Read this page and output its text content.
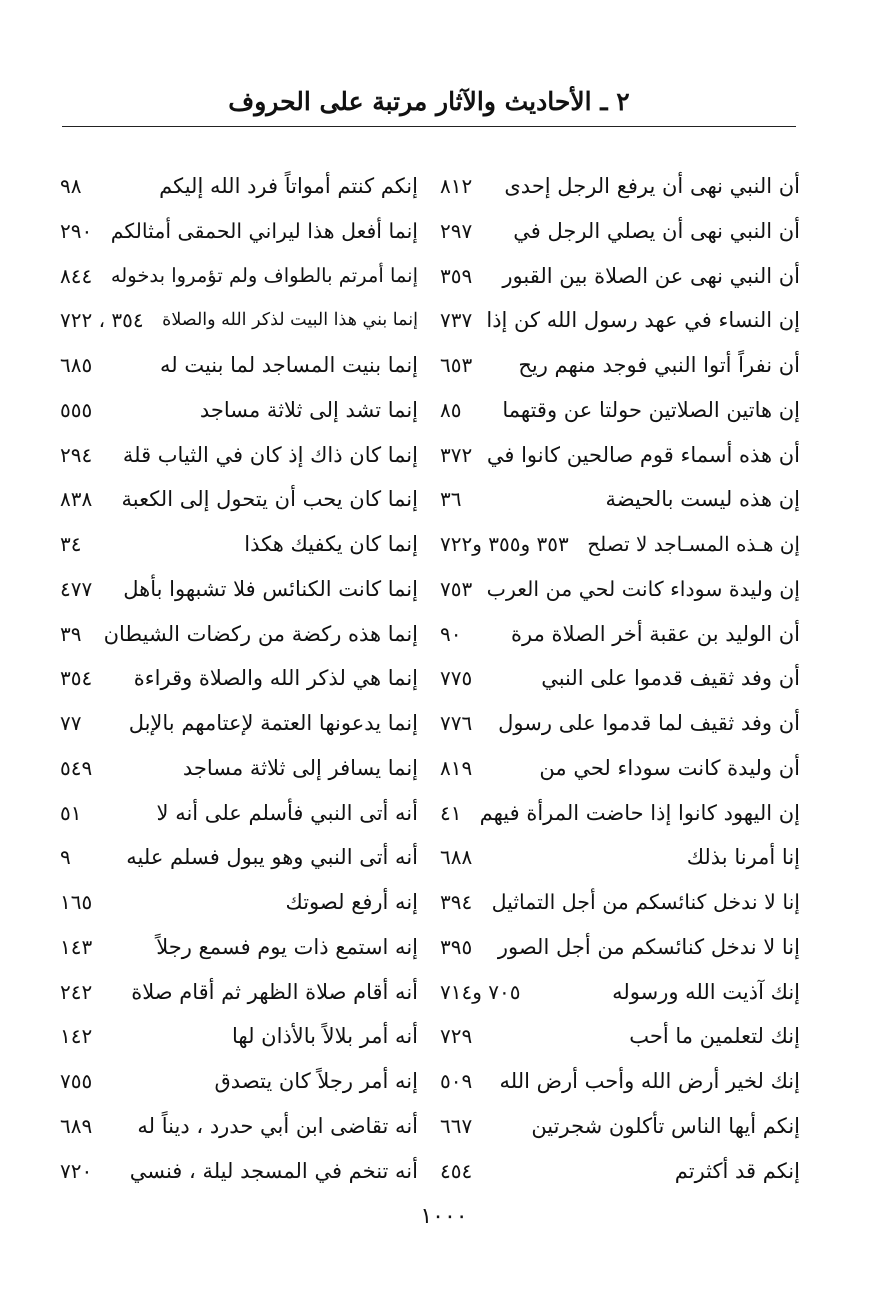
٢ ـ الأحاديث والآثار مرتبة على الحروف
أن النبي نهى أن يرفع الرجل إحدى
٨١٢
أن النبي نهى أن يصلي الرجل في
٢٩٧
أن النبي نهى عن الصلاة بين القبور
٣٥٩
إن النساء في عهد رسول الله كن إذا
٧٣٧
أن نفراً أتوا النبي فوجد منهم ريح
٦٥٣
إن هاتين الصلاتين حولتا عن وقتهما
٨٥
أن هذه أسماء قوم صالحين كانوا في
٣٧٢
إن هذه ليست بالحيضة
٣٦
إن هـذه المسـاجد لا تصلح
٣٥٣ و٣٥٥ و٧٢٢
إن وليدة سوداء كانت لحي من العرب
٧٥٣
أن الوليد بن عقبة أخر الصلاة مرة
٩٠
أن وفد ثقيف قدموا على النبي
٧٧٥
أن وفد ثقيف لما قدموا على رسول
٧٧٦
أن وليدة كانت سوداء لحي من
٨١٩
إن اليهود كانوا إذا حاضت المرأة فيهم
٤١
إنا أمرنا بذلك
٦٨٨
إنا لا ندخل كنائسكم من أجل التماثيل
٣٩٤
إنا لا ندخل كنائسكم من أجل الصور
٣٩٥
إنك آذيت الله ورسوله
٧٠٥ و٧١٤
إنك لتعلمين ما أحب
٧٢٩
إنك لخير أرض الله وأحب أرض الله
٥٠٩
إنكم أيها الناس تأكلون شجرتين
٦٦٧
إنكم قد أكثرتم
٤٥٤
إنكم كنتم أمواتاً فرد الله إليكم
٩٨
إنما أفعل هذا ليراني الحمقى أمثالكم
٢٩٠
إنما أمرتم بالطواف ولم تؤمروا بدخوله
٨٤٤
إنما بني هذا البيت لذكر الله والصلاة
٣٥٤ ، ٧٢٢
إنما بنيت المساجد لما بنيت له
٦٨٥
إنما تشد إلى ثلاثة مساجد
٥٥٥
إنما كان ذاك إذ كان في الثياب قلة
٢٩٤
إنما كان يحب أن يتحول إلى الكعبة
٨٣٨
إنما كان يكفيك هكذا
٣٤
إنما كانت الكنائس فلا تشبهوا بأهل
٤٧٧
إنما هذه ركضة من ركضات الشيطان
٣٩
إنما هي لذكر الله والصلاة وقراءة
٣٥٤
إنما يدعونها العتمة لإعتامهم بالإبل
٧٧
إنما يسافر إلى ثلاثة مساجد
٥٤٩
أنه أتى النبي فأسلم على أنه لا
٥١
أنه أتى النبي وهو يبول فسلم عليه
٩
إنه أرفع لصوتك
١٦٥
إنه استمع ذات يوم فسمع رجلاً
١٤٣
أنه أقام صلاة الظهر ثم أقام صلاة
٢٤٢
أنه أمر بلالاً بالأذان لها
١٤٢
إنه أمر رجلاً كان يتصدق
٧٥٥
أنه تقاضى ابن أبي حدرد ، ديناً له
٦٨٩
أنه تنخم في المسجد ليلة ، فنسي
٧٢٠
١٠٠٠
